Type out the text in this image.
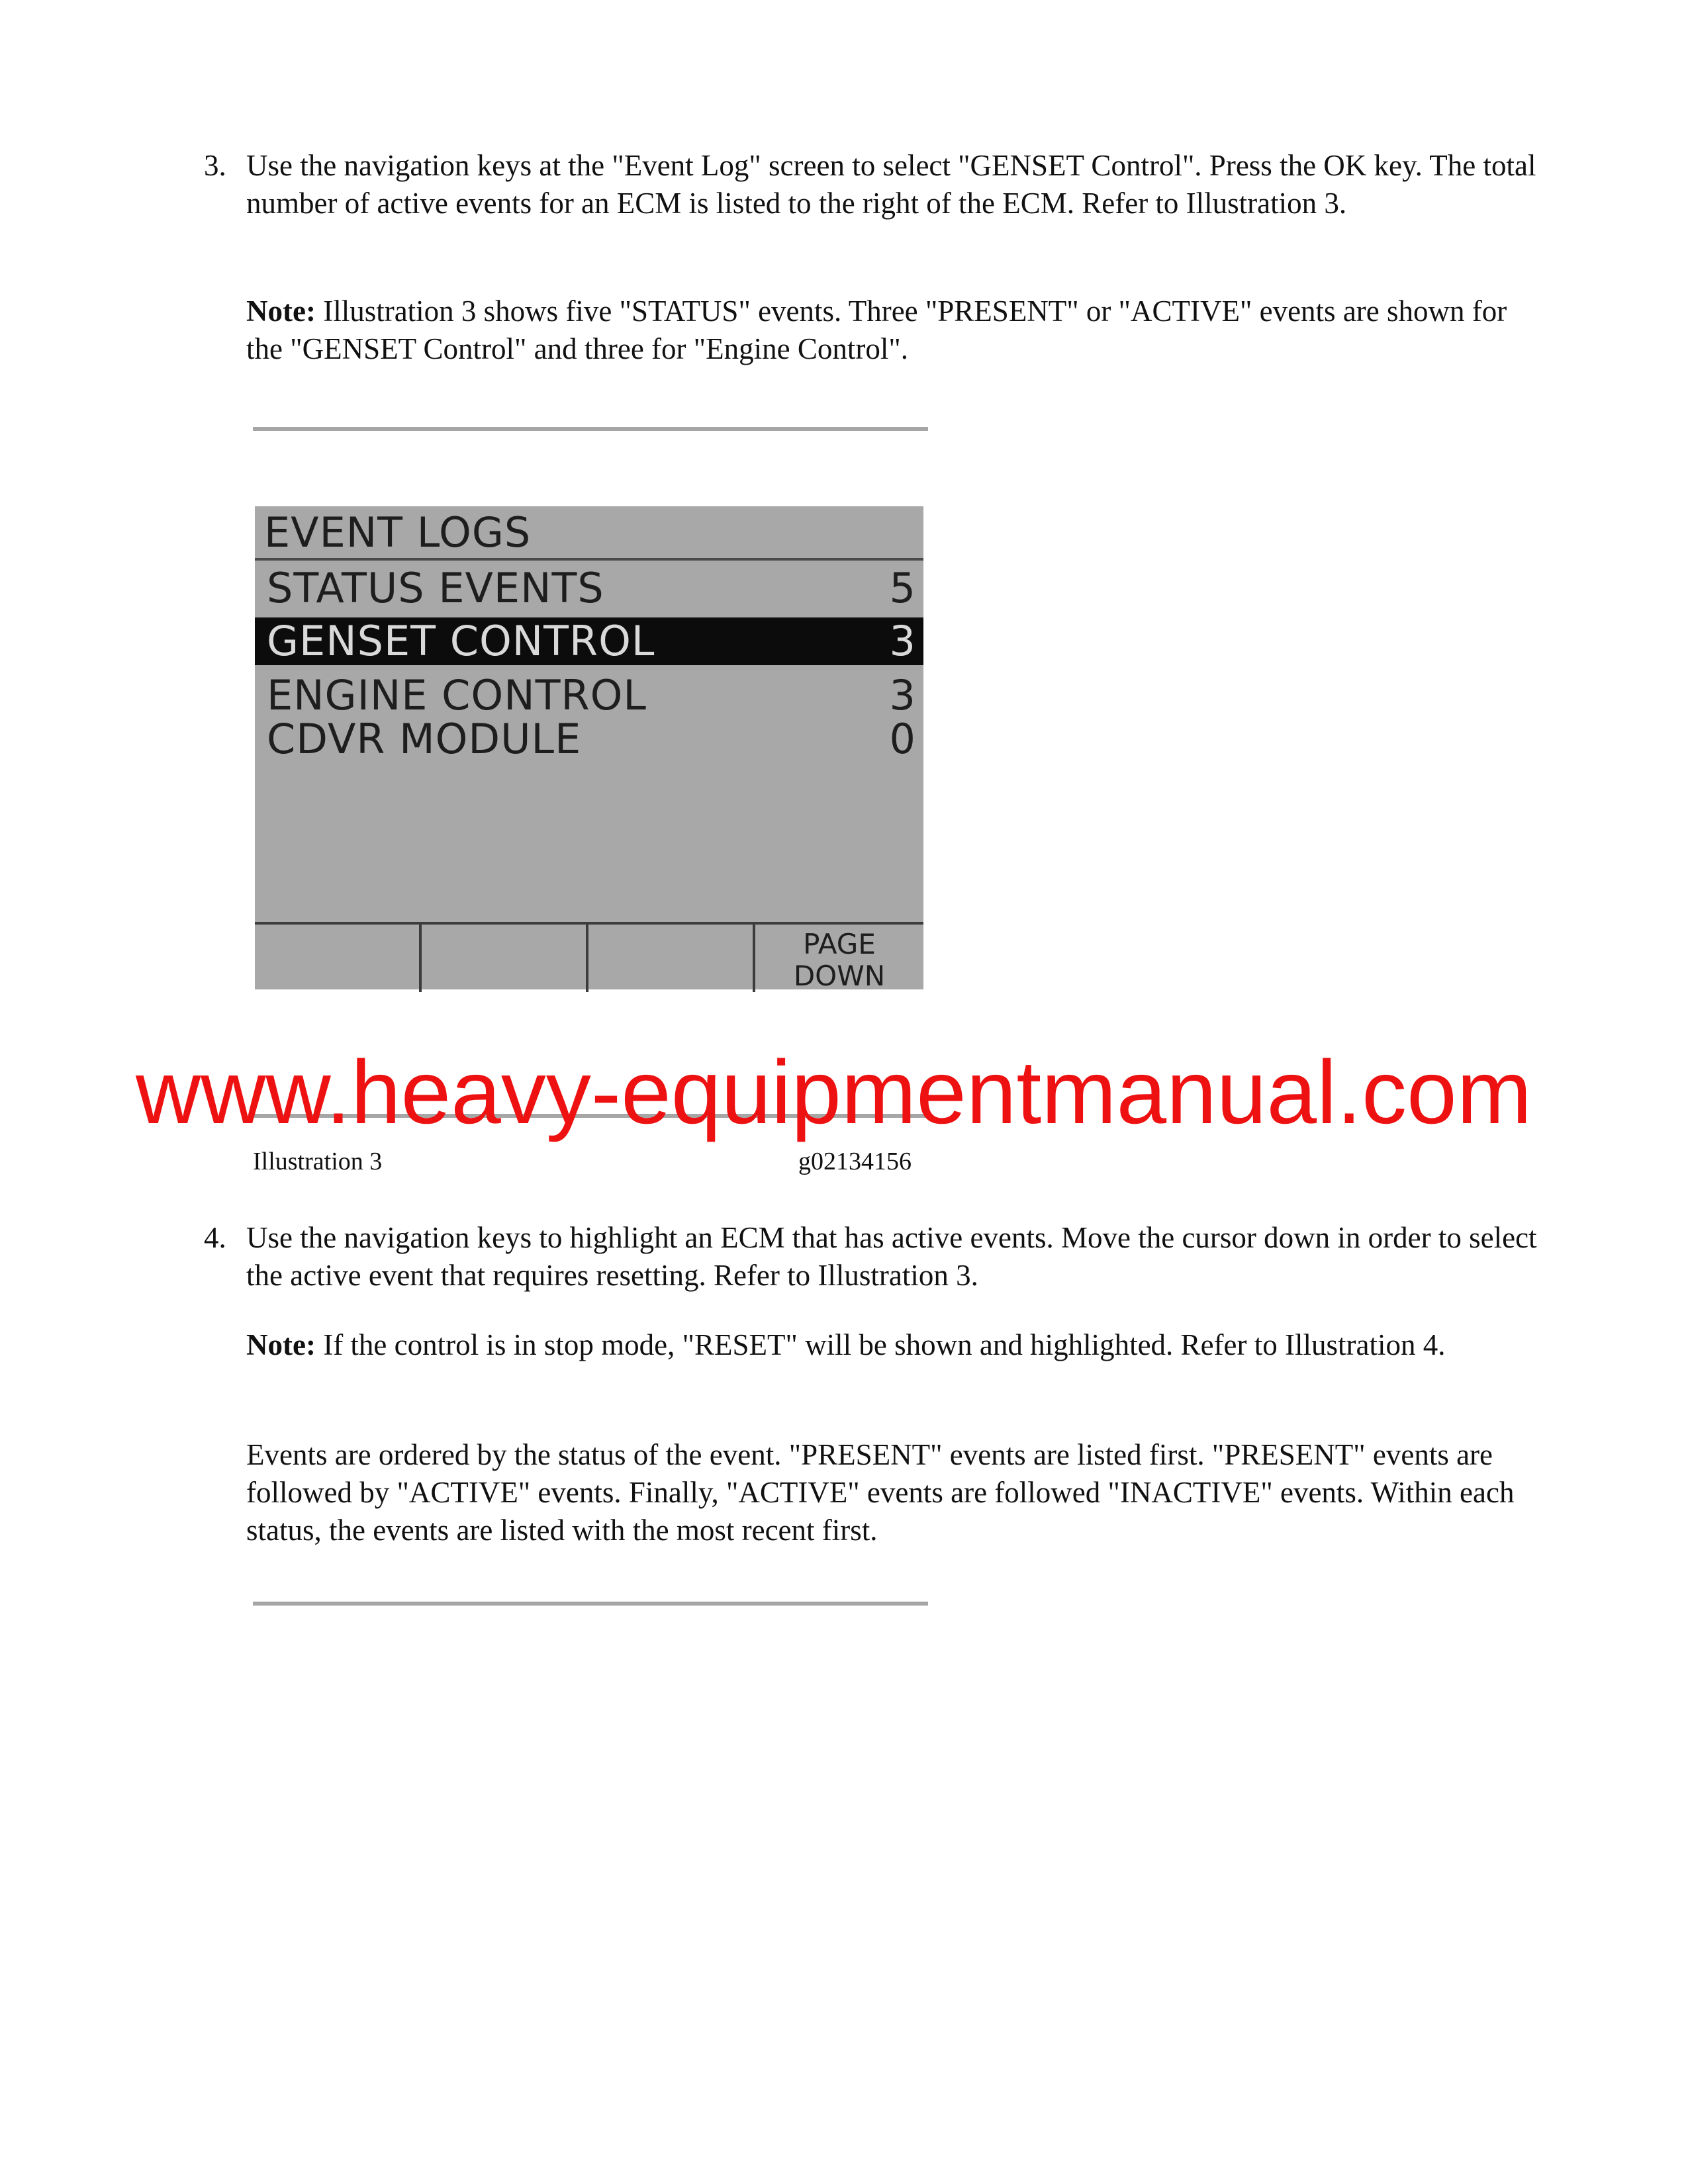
3. Use the navigation keys at the "Event Log" screen to select "GENSET Control". Press the OK key. The total number of active events for an ECM is listed to the right of the ECM. Refer to Illustration 3.
Note: Illustration 3 shows five "STATUS" events. Three "PRESENT" or "ACTIVE" events are shown for the "GENSET Control" and three for "Engine Control".
EVENT LOGS
STATUS EVENTS	5
GENSET CONTROL	3
ENGINE CONTROL	3
CDVR MODULE	0
PAGE
DOWN
www.heavy-equipmentmanual.com
Illustration 3	g02134156
4. Use the navigation keys to highlight an ECM that has active events. Move the cursor down in order to select the active event that requires resetting. Refer to Illustration 3.
Note: If the control is in stop mode, "RESET" will be shown and highlighted. Refer to Illustration 4.
Events are ordered by the status of the event. "PRESENT" events are listed first. "PRESENT" events are followed by "ACTIVE" events. Finally, "ACTIVE" events are followed "INACTIVE" events. Within each status, the events are listed with the most recent first.
